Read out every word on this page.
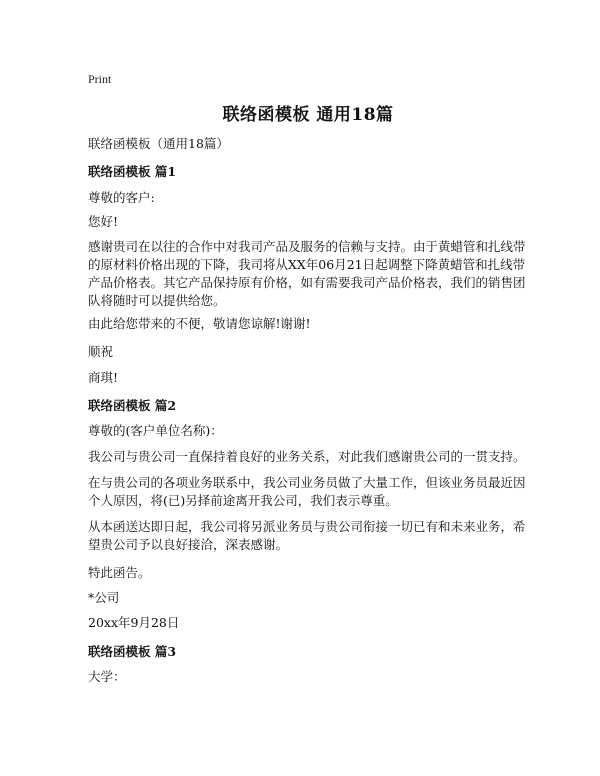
Print
联络函模板 通用18篇
联络函模板（通用18篇）
联络函模板 篇1
尊敬的客户:
您好!
感谢贵司在以往的合作中对我司产品及服务的信赖与支持。由于黄蜡管和扎线带的原材料价格出现的下降，我司将从XX年06月21日起调整下降黄蜡管和扎线带产品价格表。其它产品保持原有价格，如有需要我司产品价格表，我们的销售团队将随时可以提供给您。
由此给您带来的不便，敬请您谅解!谢谢!
顺祝
商琪!
联络函模板 篇2
尊敬的(客户单位名称)：
我公司与贵公司一直保持着良好的业务关系，对此我们感谢贵公司的一贯支持。
在与贵公司的各项业务联系中，我公司业务员做了大量工作，但该业务员最近因个人原因，将(已)另择前途离开我公司，我们表示尊重。
从本函送达即日起，我公司将另派业务员与贵公司衔接一切已有和未来业务，希望贵公司予以良好接洽，深表感谢。
特此函告。
*公司
20xx年9月28日
联络函模板 篇3
大学：
